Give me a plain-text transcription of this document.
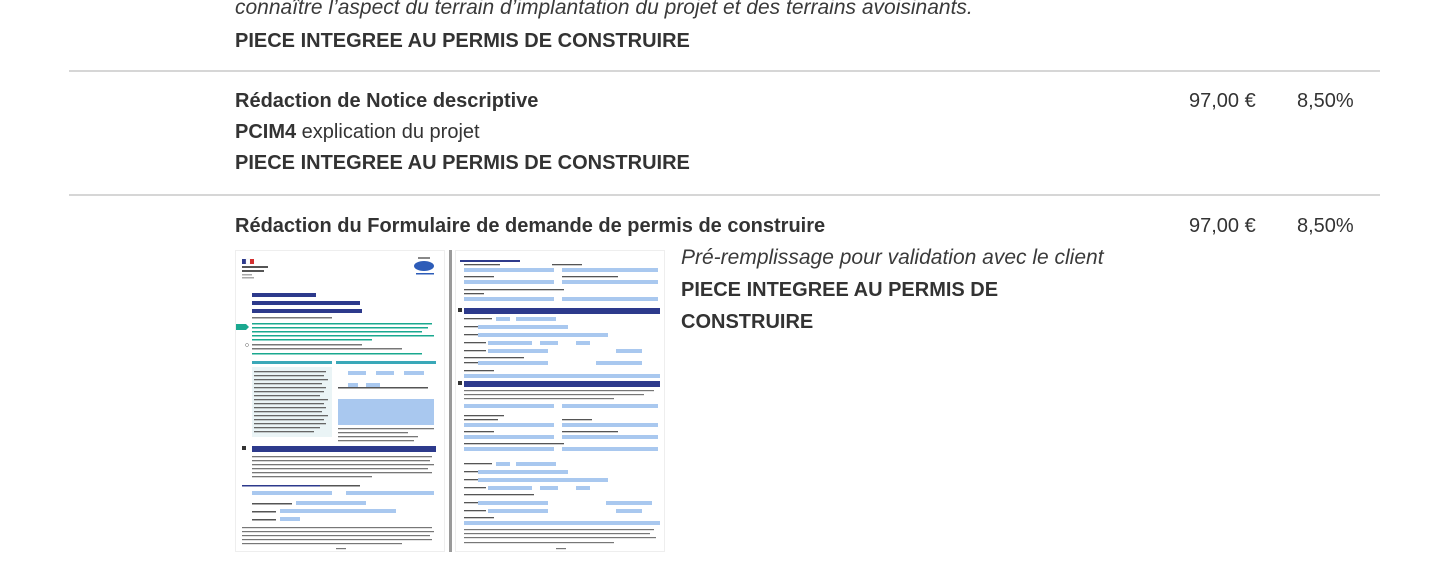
connaître l’aspect du terrain d’implantation du projet et des terrains avoisinants.
PIECE INTEGREE AU PERMIS DE CONSTRUIRE
Rédaction de Notice descriptive
PCIM4 explication du projet
PIECE INTEGREE AU PERMIS DE CONSTRUIRE
97,00 € 8,50%
Rédaction du Formulaire de demande de permis de construire	97,00 € 8,50%
Pré-remplissage pour validation avec le client
PIECE INTEGREE AU PERMIS DE CONSTRUIRE
